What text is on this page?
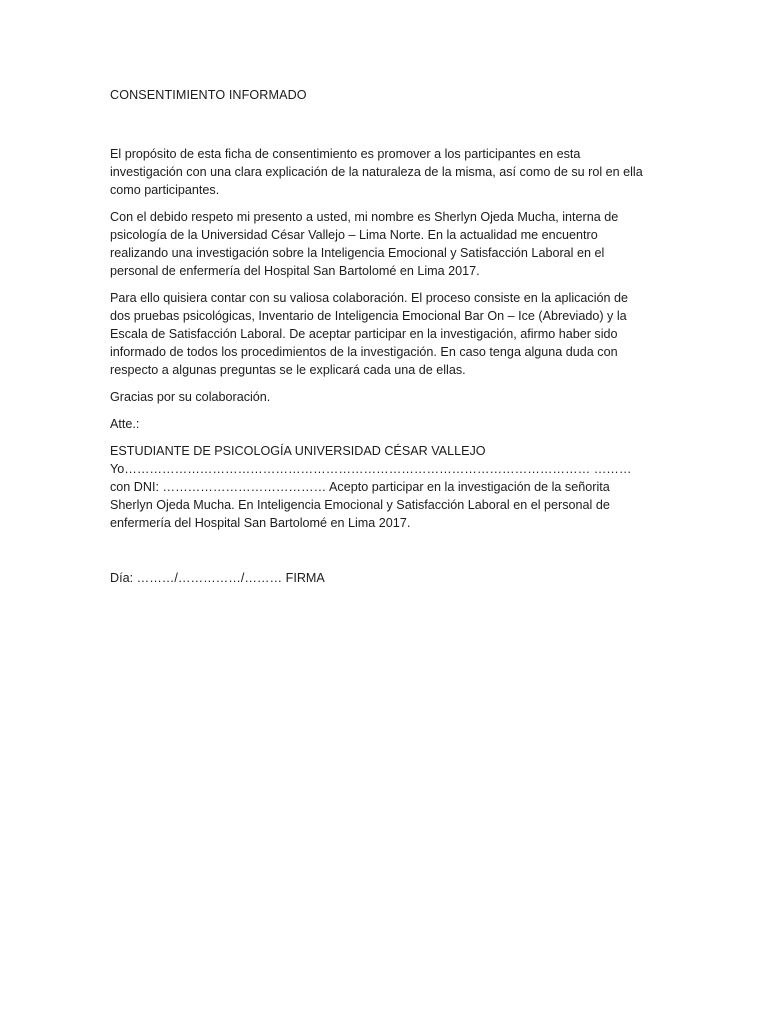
CONSENTIMIENTO INFORMADO

El propósito de esta ficha de consentimiento es promover a los participantes en esta investigación con una clara explicación de la naturaleza de la misma, así como de su rol en ella como participantes.

Con el debido respeto mi presento a usted, mi nombre es Sherlyn Ojeda Mucha, interna de psicología de la Universidad César Vallejo – Lima Norte. En la actualidad me encuentro realizando una investigación sobre la Inteligencia Emocional y Satisfacción Laboral en el personal de enfermería del Hospital San Bartolomé en Lima 2017.

Para ello quisiera contar con su valiosa colaboración. El proceso consiste en la aplicación de dos pruebas psicológicas, Inventario de Inteligencia Emocional Bar On – Ice (Abreviado) y la Escala de Satisfacción Laboral. De aceptar participar en la investigación, afirmo haber sido informado de todos los procedimientos de la investigación. En caso tenga alguna duda con respecto a algunas preguntas se le explicará cada una de ellas.

Gracias por su colaboración.

Atte.:

ESTUDIANTE DE PSICOLOGÍA UNIVERSIDAD CÉSAR VALLEJO
Yo………………………………………………………………………………………………… ……… con DNI: ………………………………… Acepto participar en la investigación de la señorita Sherlyn Ojeda Mucha. En Inteligencia Emocional y Satisfacción Laboral en el personal de enfermería del Hospital San Bartolomé en Lima 2017.
Día: ………/……………/……… FIRMA
